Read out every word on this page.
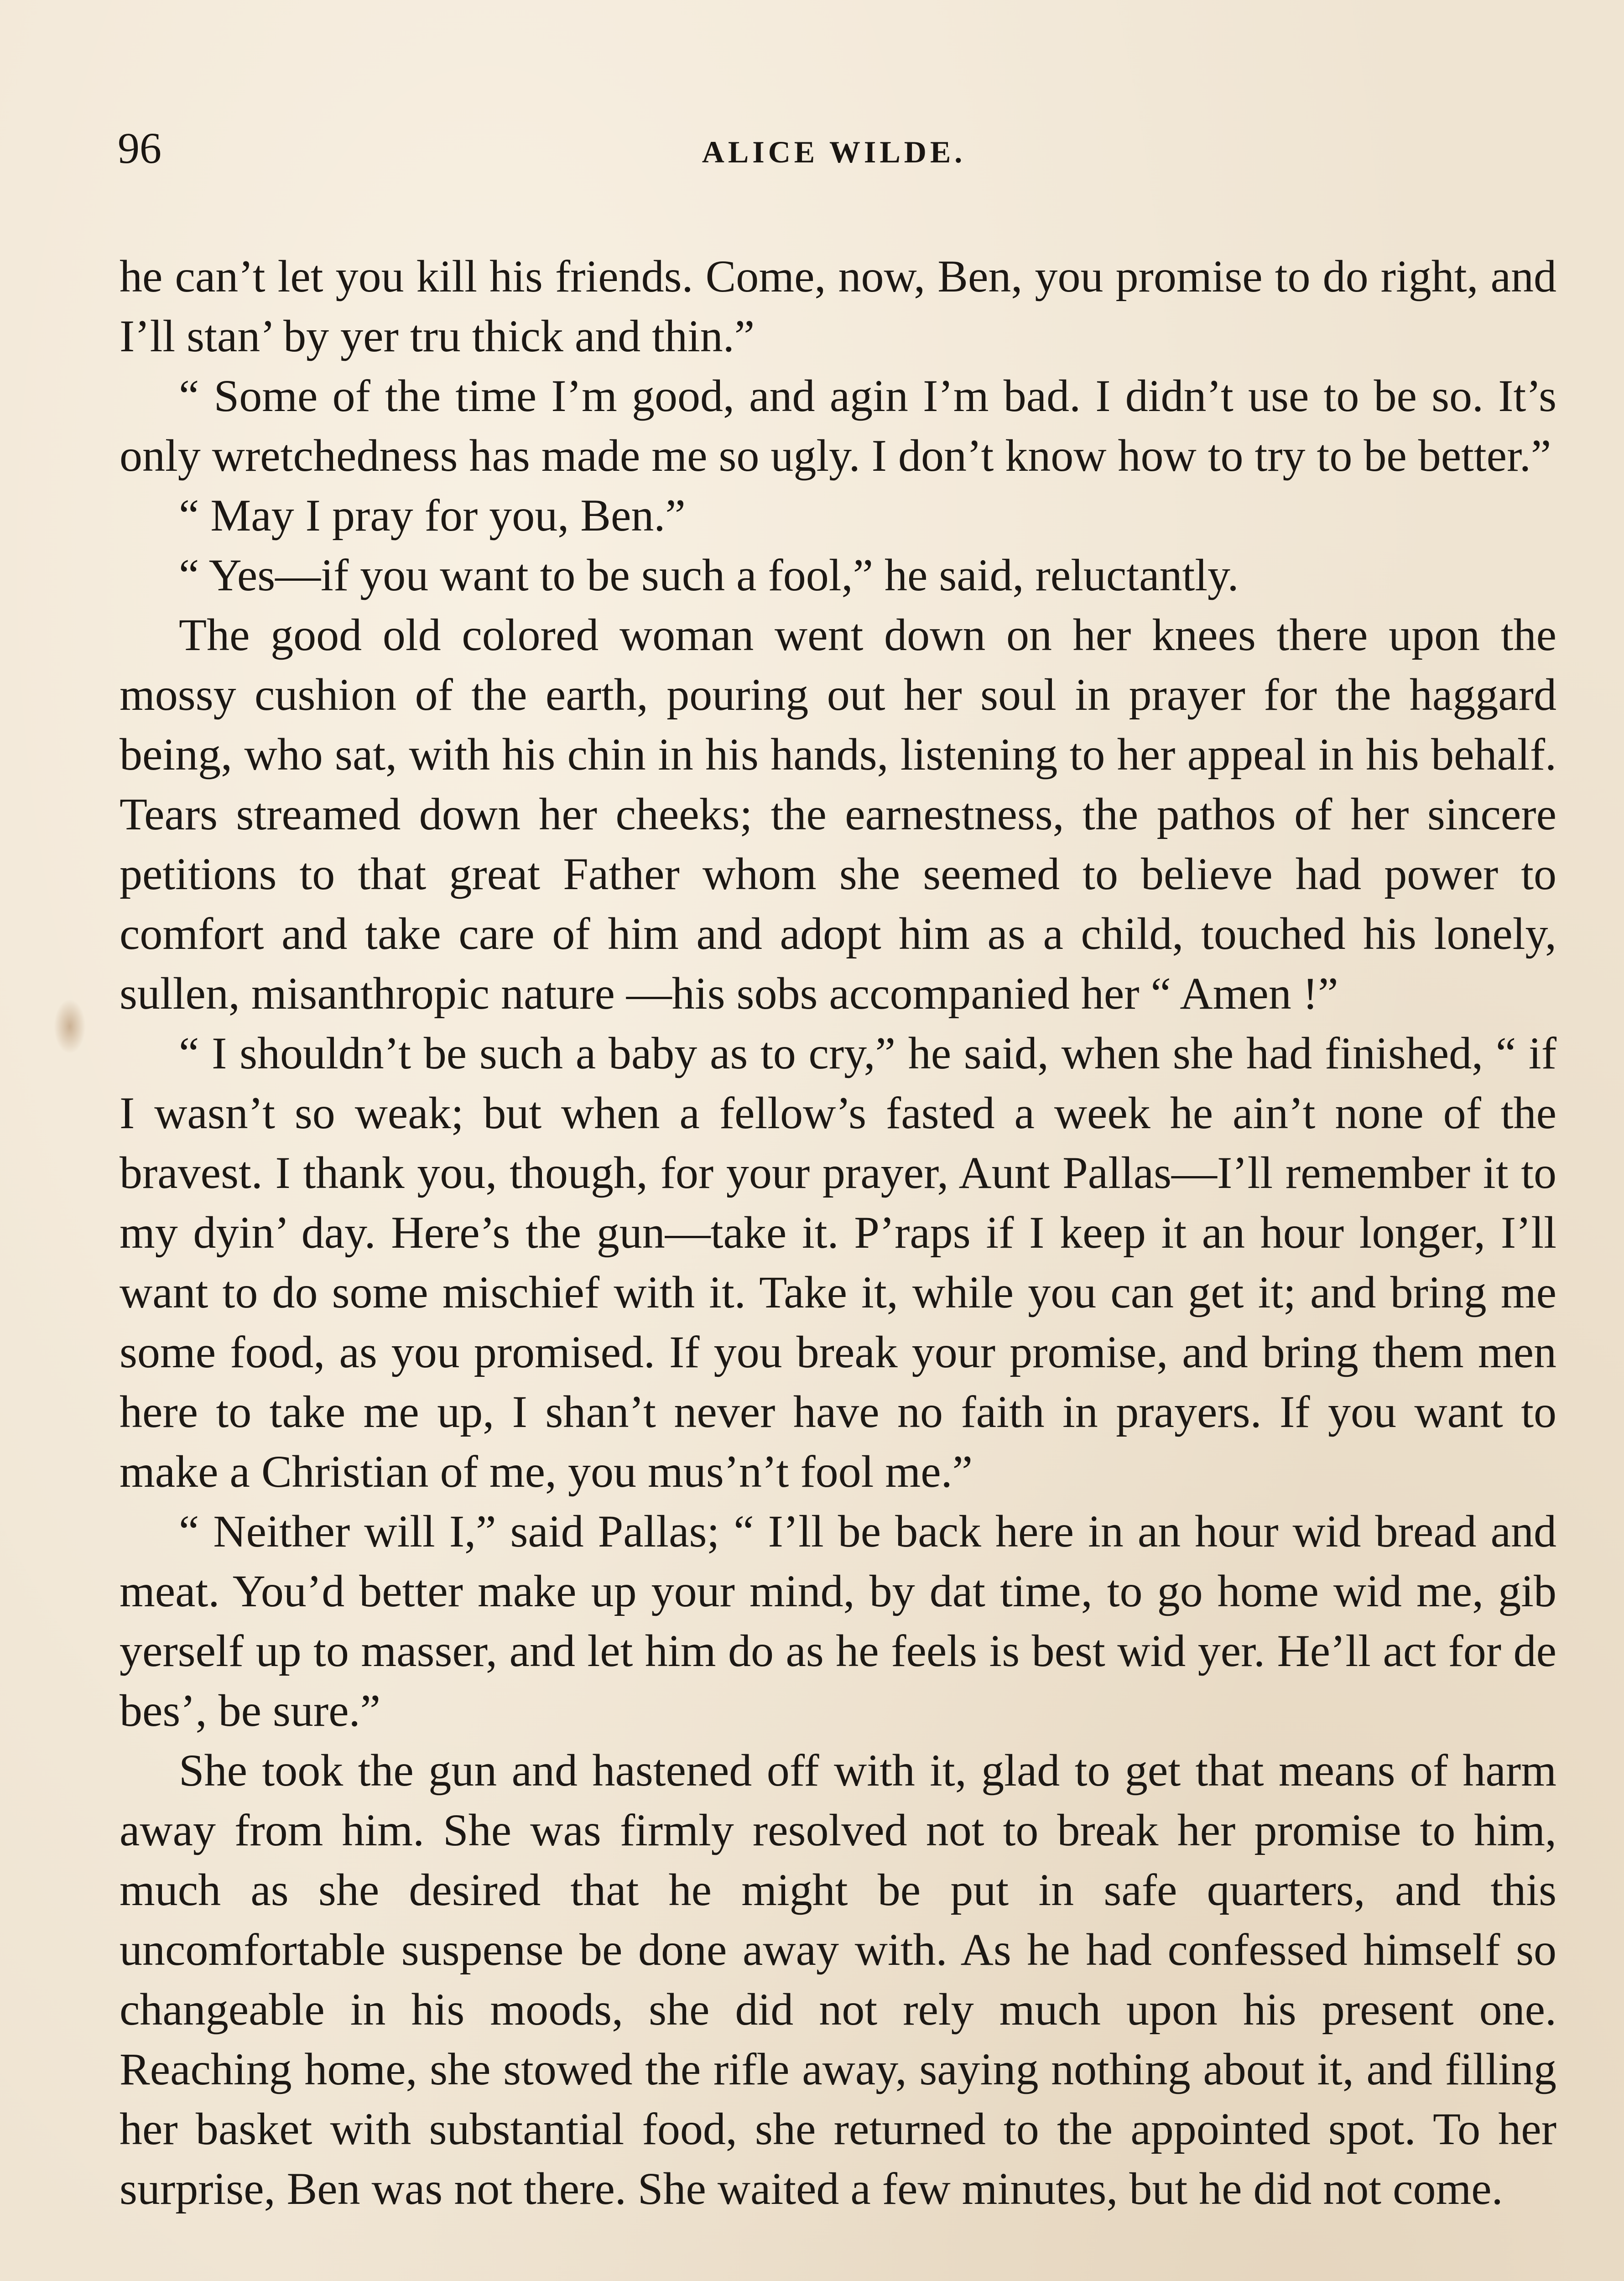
96	ALICE WILDE.

he can’t let you kill his friends. Come, now, Ben, you promise to do right, and I’ll stan’ by yer tru thick and thin.”

“ Some of the time I’m good, and agin I’m bad. I didn’t use to be so. It’s only wretchedness has made me so ugly. I don’t know how to try to be better.”

“ May I pray for you, Ben.”

“ Yes—if you want to be such a fool,” he said, reluctantly.

The good old colored woman went down on her knees there upon the mossy cushion of the earth, pouring out her soul in prayer for the haggard being, who sat, with his chin in his hands, listening to her appeal in his behalf. Tears streamed down her cheeks; the earnestness, the pathos of her sincere petitions to that great Father whom she seemed to believe had power to comfort and take care of him and adopt him as a child, touched his lonely, sullen, misanthropic nature —his sobs accompanied her “ Amen !”

“ I shouldn’t be such a baby as to cry,” he said, when she had finished, “ if I wasn’t so weak; but when a fellow’s fasted a week he ain’t none of the bravest. I thank you, though, for your prayer, Aunt Pallas—I’ll remember it to my dyin’ day. Here’s the gun—take it. P’raps if I keep it an hour longer, I’ll want to do some mischief with it. Take it, while you can get it; and bring me some food, as you promised. If you break your promise, and bring them men here to take me up, I shan’t never have no faith in prayers. If you want to make a Christian of me, you mus’n’t fool me.”

“ Neither will I,” said Pallas; “ I’ll be back here in an hour wid bread and meat. You’d better make up your mind, by dat time, to go home wid me, gib yerself up to masser, and let him do as he feels is best wid yer. He’ll act for de bes’, be sure.”

She took the gun and hastened off with it, glad to get that means of harm away from him. She was firmly resolved not to break her promise to him, much as she desired that he might be put in safe quarters, and this uncomfortable suspense be done away with. As he had confessed himself so changeable in his moods, she did not rely much upon his present one. Reaching home, she stowed the rifle away, saying nothing about it, and filling her basket with substantial food, she returned to the appointed spot. To her surprise, Ben was not there. She waited a few minutes, but he did not come.
